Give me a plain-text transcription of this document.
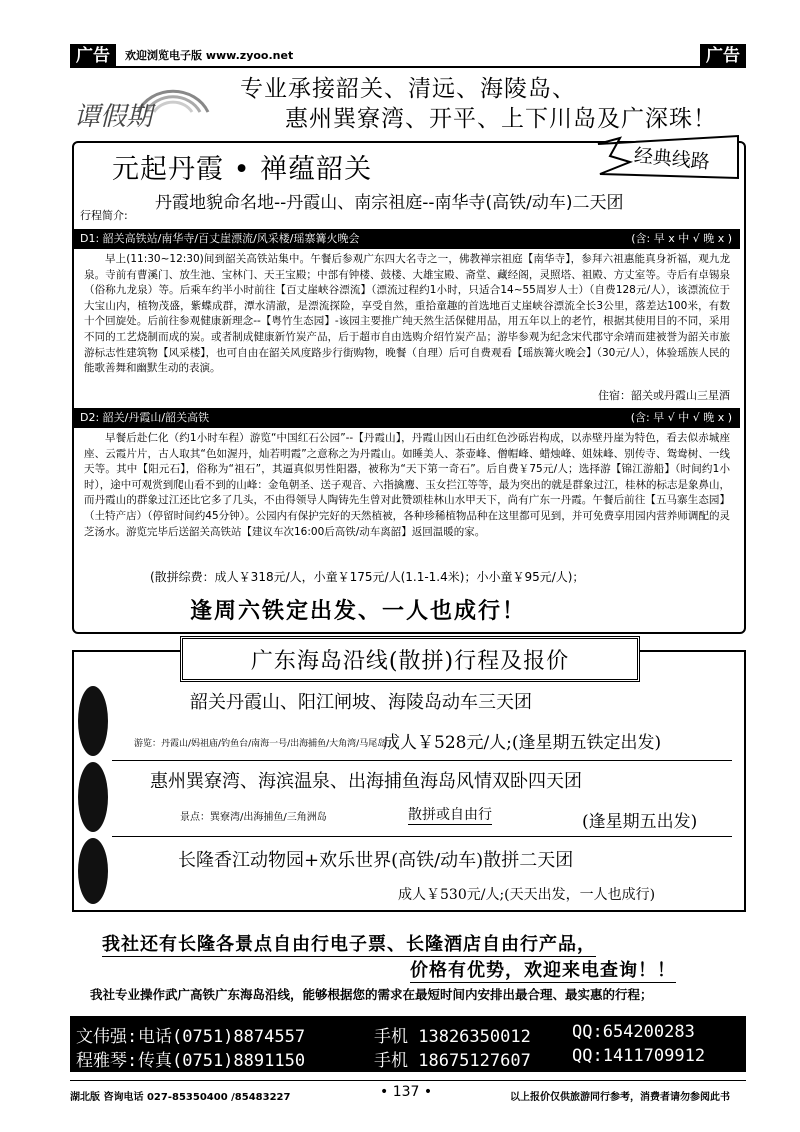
广告	欢迎浏览电子版 www.zyoo.net	广告
谭假期
专业承接韶关、清远、海陵岛、
惠州巽寮湾、开平、上下川岛及广深珠！
元起丹霞 • 禅蕴韶关	经典线路
丹霞地貌命名地--丹霞山、南宗祖庭--南华寺(高铁/动车)二天团
行程简介:
D1: 韶关高铁站/南华寺/百丈崖漂流/风采楼/瑶寨篝火晚会	(含: 早 x 中 √ 晚 x )
早上(11:30~12:30)间到韶关高铁站集中。午餐后参观广东四大名寺之一，佛教禅宗祖庭【南华寺】，参拜六祖惠能真身祈福，观九龙泉。寺前有曹溪门、放生池、宝林门、天王宝殿；中部有钟楼、鼓楼、大雄宝殿、斋堂、藏经阁，灵照塔、祖殿、方丈室等。寺后有卓锡泉（俗称九龙泉）等。后乘车约半小时前往【百丈崖峡谷漂流】（漂流过程约1小时，只适合14~55周岁人士）（自费128元/人），该漂流位于大宝山内，植物茂盛，紫蝶成群，潭水清澈，是漂流探险，享受自然，重拾童趣的首选地百丈崖峡谷漂流全长3公里，落差达100米，有数十个回旋处。后前往参观健康新理念--【粤竹生态园】-该园主要推广纯天然生活保健用品，用五年以上的老竹，根据其使用目的不同，采用不同的工艺烧制而成的炭。或者制成健康新竹炭产品，后于超市自由选购介绍竹炭产品；游毕参观为纪念宋代郡守余靖而建被誉为韶关市旅游标志性建筑物【风采楼】，也可自由在韶关风度路步行街购物，晚餐（自理）后可自费观看【瑶族篝火晚会】（30元/人），体验瑶族人民的能歌善舞和幽默生动的表演。
住宿：韶关或丹霞山三星酒
D2: 韶关/丹霞山/韶关高铁	(含: 早 √ 中 √ 晚 x )
早餐后赴仁化（约1小时车程）游览“中国红石公园”--【丹霞山】，丹霞山因山石由红色沙砾岩构成，以赤壁丹崖为特色，看去似赤城座座、云霞片片，古人取其“色如渥丹，灿若明霞”之意称之为丹霞山。如睡美人、茶壶峰、僧帽峰、蜡烛峰、姐妹峰、别传寺、鸳鸯树、一线天等。其中【阳元石】，俗称为“祖石”，其逼真似男性阳器，被称为“天下第一奇石”。后自费￥75元/人；选择游【锦江游船】（时间约1小时），途中可观赏到爬山看不到的山峰：金龟朝圣、送子观音、六指擒鹰、玉女拦江等等，最为突出的就是群象过江，桂林的标志是象鼻山，而丹霞山的群象过江还比它多了几头，不由得领导人陶铸先生曾对此赞颂桂林山水甲天下，尚有广东一丹霞。午餐后前往【五马寨生态园】（土特产店）（停留时间约45分钟）。公园内有保护完好的天然植被，各种珍稀植物品种在这里都可见到，并可免费享用园内营养师调配的灵芝汤水。游览完毕后送韶关高铁站【建议车次16:00后高铁/动车离韶】返回温暖的家。
(散拼综费：成人￥318元/人，小童￥175元/人(1.1-1.4米)；小小童￥95元/人)；
逢周六铁定出发、一人也成行！
广东海岛沿线(散拼)行程及报价
韶关丹霞山、阳江闸坡、海陵岛动车三天团
游览：丹霞山/妈祖庙/钓鱼台/南海一号/出海捕鱼/大角湾/马尾岛
成人￥528元/人;(逢星期五铁定出发)
惠州巽寮湾、海滨温泉、出海捕鱼海岛风情双卧四天团
景点：巽寮湾/出海捕鱼/三角洲岛	散拼或自由行	(逢星期五出发)
长隆香江动物园+欢乐世界(高铁/动车)散拼二天团
成人￥530元/人;(天天出发，一人也成行)
我社还有长隆各景点自由行电子票、长隆酒店自由行产品，
价格有优势，欢迎来电查询！！
我社专业操作武广高铁广东海岛沿线，能够根据您的需求在最短时间内安排出最合理、最实惠的行程；
文伟强: 电话(0751)8874557	手机 13826350012 QQ:654200283
程雅琴: 传真(0751)8891150	手机 18675127607 QQ:1411709912
湖北版 咨询电话 027-85350400 /85483227	• 137 •	以上报价仅供旅游同行参考，消费者请勿参阅此书
